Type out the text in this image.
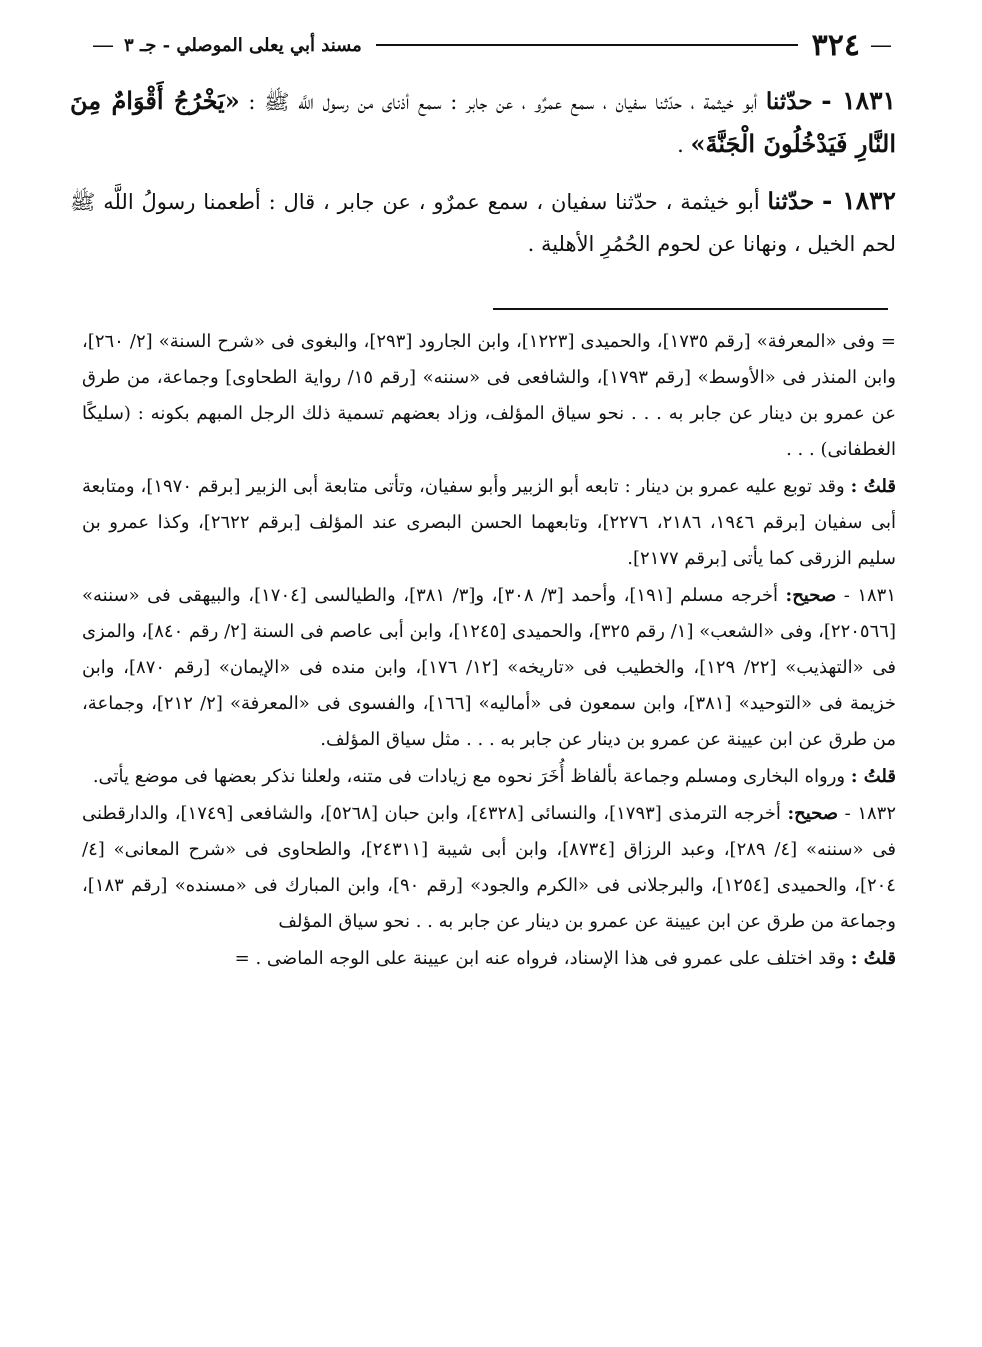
—
٣٢٤
مسند أبي يعلى الموصلي - جـ ٣
—

١٨٣١ - حدّثنا أبو خيثمة ، حدّثنا سفيان ، سمع عمرٌو ، عن جابر : سمع أذناى من رسول اللَّه ﷺ : «يَخْرُجُ أَقْوَامٌ مِنَ النَّارِ فَيَدْخُلُونَ الْجَنَّةَ» .

١٨٣٢ - حدّثنا أبو خيثمة ، حدّثنا سفيان ، سمع عمرٌو ، عن جابر ، قال : أطعمنا رسولُ اللَّه ﷺ لحم الخيل ، ونهانا عن لحوم الحُمُرِ الأهلية .

= وفى «المعرفة» [رقم ١٧٣٥]، والحميدى [١٢٢٣]، وابن الجارود [٢٩٣]، والبغوى فى «شرح السنة» [٢/ ٢٦٠]، وابن المنذر فى «الأوسط» [رقم ١٧٩٣]، والشافعى فى «سننه» [رقم ١٥/ رواية الطحاوى] وجماعة، من طرق عن عمرو بن دينار عن جابر به . . . نحو سياق المؤلف، وزاد بعضهم تسمية ذلك الرجل المبهم بكونه : (سليكًا الغطفانى) . . .

قلتُ : وقد توبع عليه عمرو بن دينار : تابعه أبو الزبير وأبو سفيان، وتأتى متابعة أبى الزبير [برقم ١٩٧٠]، ومتابعة أبى سفيان [برقم ١٩٤٦، ٢١٨٦، ٢٢٧٦]، وتابعهما الحسن البصرى عند المؤلف [برقم ٢٦٢٢]، وكذا عمرو بن سليم الزرقى كما يأتى [برقم ٢١٧٧].

١٨٣١ - صحيح: أخرجه مسلم [١٩١]، وأحمد [٣/ ٣٠٨]، و[٣/ ٣٨١]، والطيالسى [١٧٠٤]، والبيهقى فى «سننه» [٢٢٠٥٦٦]، وفى «الشعب» [١/ رقم ٣٢٥]، والحميدى [١٢٤٥]، وابن أبى عاصم فى السنة [٢/ رقم ٨٤٠]، والمزى فى «التهذيب» [٢٢/ ١٢٩]، والخطيب فى «تاريخه» [١٢/ ١٧٦]، وابن منده فى «الإيمان» [رقم ٨٧٠]، وابن خزيمة فى «التوحيد» [٣٨١]، وابن سمعون فى «أماليه» [١٦٦]، والفسوى فى «المعرفة» [٢/ ٢١٢]، وجماعة، من طرق عن ابن عيينة عن عمرو بن دينار عن جابر به . . . مثل سياق المؤلف.

قلتُ : ورواه البخارى ومسلم وجماعة بألفاظ أُخَرَ نحوه مع زيادات فى متنه، ولعلنا نذكر بعضها فى موضع يأتى.

١٨٣٢ - صحيح: أخرجه الترمذى [١٧٩٣]، والنسائى [٤٣٢٨]، وابن حبان [٥٢٦٨]، والشافعى [١٧٤٩]، والدارقطنى فى «سننه» [٤/ ٢٨٩]، وعبد الرزاق [٨٧٣٤]، وابن أبى شيبة [٢٤٣١١]، والطحاوى فى «شرح المعانى» [٤/ ٢٠٤]، والحميدى [١٢٥٤]، والبرجلانى فى «الكرم والجود» [رقم ٩٠]، وابن المبارك فى «مسنده» [رقم ١٨٣]، وجماعة من طرق عن ابن عيينة عن عمرو بن دينار عن جابر به . . نحو سياق المؤلف

قلتُ : وقد اختلف على عمرو فى هذا الإسناد، فرواه عنه ابن عيينة على الوجه الماضى . =
